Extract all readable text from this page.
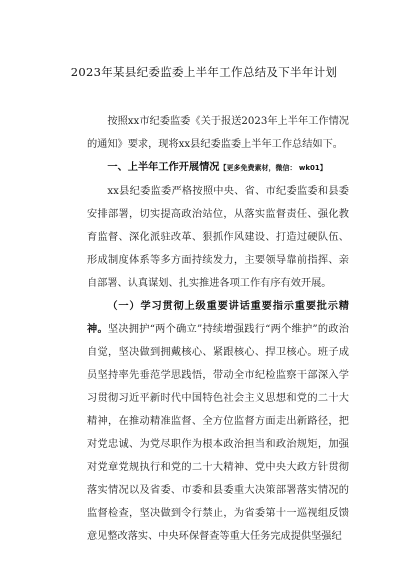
2023年某县纪委监委上半年工作总结及下半年计划

按照xx市纪委监委《关于报送2023年上半年工作情况的通知》要求，现将xx县纪委监委上半年工作总结如下。

一、上半年工作开展情况【更多免费素材，微信： wk01】

xx县纪委监委严格按照中央、省、市纪委监委和县委安排部署，切实提高政治站位，从落实监督责任、强化教育监督、深化派驻改革、狠抓作风建设、打造过硬队伍、形成制度体系等多方面持续发力，主要领导靠前指挥、亲自部署、认真谋划、扎实推进各项工作有序有效开展。

（一）学习贯彻上级重要讲话重要指示重要批示精神。坚决拥护“两个确立”持续增强践行“两个维护”的政治自觉，坚决做到拥戴核心、紧跟核心、捍卫核心。班子成员坚持率先垂范学思践悟，带动全市纪检监察干部深入学习贯彻习近平新时代中国特色社会主义思想和党的二十大精神，在推动精准监督、全方位监督方面走出新路径，把对党忠诚、为党尽职作为根本政治担当和政治规矩，加强对党章党规执行和党的二十大精神、党中央大政方针贯彻落实情况以及省委、市委和县委重大决策部署落实情况的监督检查，坚决做到令行禁止，为省委第十一巡视组反馈意见整改落实、中央环保督查等重大任务完成提供坚强纪
